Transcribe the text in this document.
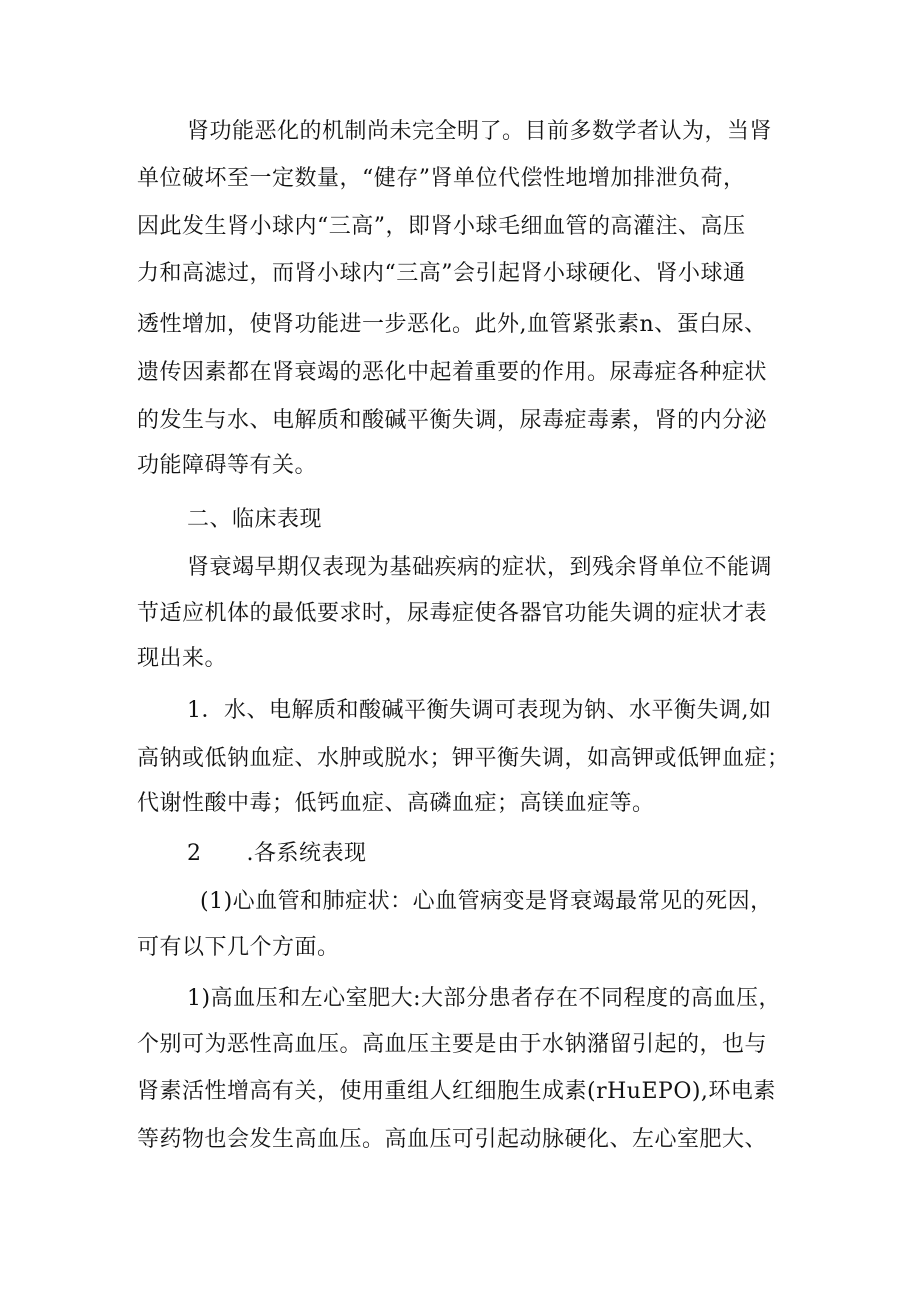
肾功能恶化的机制尚未完全明了。目前多数学者认为，当肾
单位破坏至一定数量，“健存”肾单位代偿性地增加排泄负荷，
因此发生肾小球内“三高”，即肾小球毛细血管的高灌注、高压
力和高滤过，而肾小球内“三高”会引起肾小球硬化、肾小球通
透性增加，使肾功能进一步恶化。此外,血管紧张素n、蛋白尿、
遗传因素都在肾衰竭的恶化中起着重要的作用。尿毒症各种症状
的发生与水、电解质和酸碱平衡失调，尿毒症毒素，肾的内分泌
功能障碍等有关。
二、临床表现
肾衰竭早期仅表现为基础疾病的症状，到残余肾单位不能调
节适应机体的最低要求时，尿毒症使各器官功能失调的症状才表
现出来。
1．水、电解质和酸碱平衡失调可表现为钠、水平衡失调,如
高钠或低钠血症、水肿或脱水；钾平衡失调，如高钾或低钾血症；
代谢性酸中毒；低钙血症、高磷血症；高镁血症等。
2　　.各系统表现
(1)心血管和肺症状：心血管病变是肾衰竭最常见的死因，
可有以下几个方面。
1)高血压和左心室肥大:大部分患者存在不同程度的高血压，
个别可为恶性高血压。高血压主要是由于水钠潴留引起的，也与
肾素活性增高有关，使用重组人红细胞生成素(rHuEPO),环电素
等药物也会发生高血压。高血压可引起动脉硬化、左心室肥大、
